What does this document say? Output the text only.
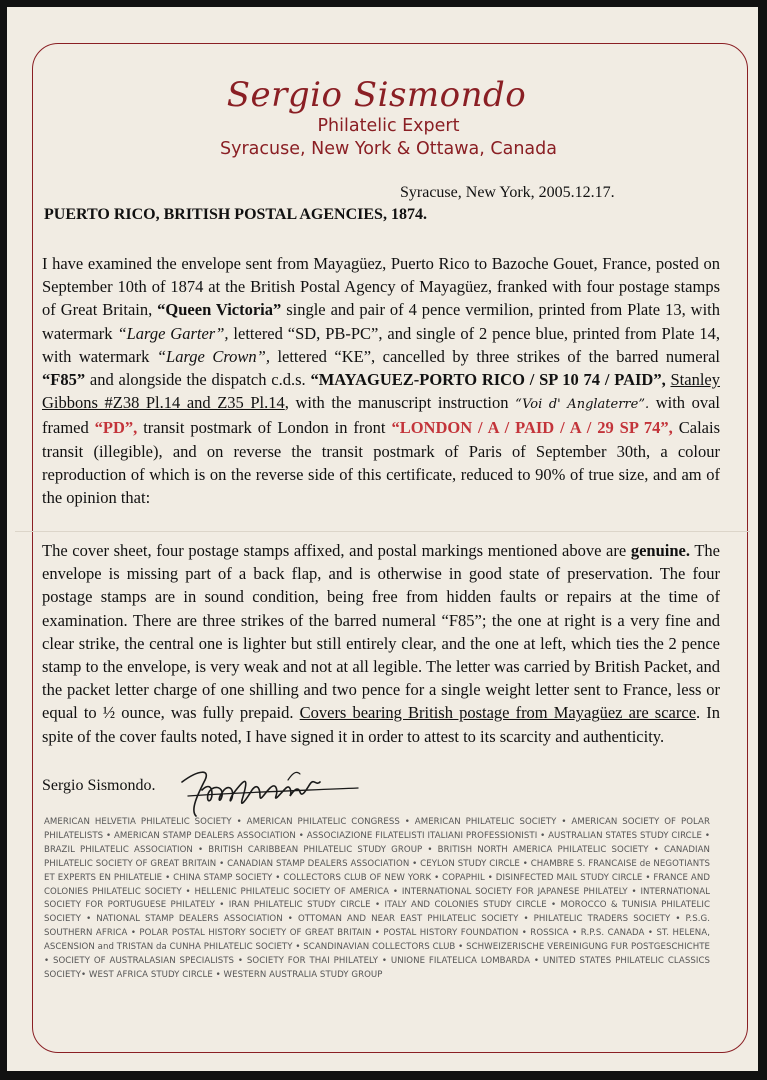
Sergio Sismondo
Philatelic Expert
Syracuse, New York & Ottawa, Canada
Syracuse, New York, 2005.12.17.
PUERTO RICO, BRITISH POSTAL AGENCIES, 1874.
I have examined the envelope sent from Mayagüez, Puerto Rico to Bazoche Gouet, France, posted on September 10th of 1874 at the British Postal Agency of Mayagüez, franked with four postage stamps of Great Britain, “Queen Victoria” single and pair of 4 pence vermilion, printed from Plate 13, with watermark “Large Garter”, lettered “SD, PB-PC”, and single of 2 pence blue, printed from Plate 14, with watermark “Large Crown”, lettered “KE”, cancelled by three strikes of the barred numeral “F85” and alongside the dispatch c.d.s. “MAYAGUEZ-PORTO RICO / SP 10 74 / PAID”, Stanley Gibbons #Z38 Pl.14 and Z35 Pl.14, with the manuscript instruction “Voi d' Anglaterre”. with oval framed “PD”, transit postmark of London in front “LONDON / A / PAID / A / 29 SP 74”, Calais transit (illegible), and on reverse the transit postmark of Paris of September 30th, a colour reproduction of which is on the reverse side of this certificate, reduced to 90% of true size, and am of the opinion that:
The cover sheet, four postage stamps affixed, and postal markings mentioned above are genuine. The envelope is missing part of a back flap, and is otherwise in good state of preservation. The four postage stamps are in sound condition, being free from hidden faults or repairs at the time of examination. There are three strikes of the barred numeral “F85”; the one at right is a very fine and clear strike, the central one is lighter but still entirely clear, and the one at left, which ties the 2 pence stamp to the envelope, is very weak and not at all legible. The letter was carried by British Packet, and the packet letter charge of one shilling and two pence for a single weight letter sent to France, less or equal to ½ ounce, was fully prepaid. Covers bearing British postage from Mayagüez are scarce. In spite of the cover faults noted, I have signed it in order to attest to its scarcity and authenticity.
Sergio Sismondo.
AMERICAN HELVETIA PHILATELIC SOCIETY • AMERICAN PHILATELIC CONGRESS • AMERICAN PHILATELIC SOCIETY • AMERICAN SOCIETY OF POLAR PHILATELISTS • AMERICAN STAMP DEALERS ASSOCIATION • ASSOCIAZIONE FILATELISTI ITALIANI PROFESSIONISTI • AUSTRALIAN STATES STUDY CIRCLE • BRAZIL PHILATELIC ASSOCIATION • BRITISH CARIBBEAN PHILATELIC STUDY GROUP • BRITISH NORTH AMERICA PHILATELIC SOCIETY • CANADIAN PHILATELIC SOCIETY OF GREAT BRITAIN • CANADIAN STAMP DEALERS ASSOCIATION • CEYLON STUDY CIRCLE • CHAMBRE S. FRANCAISE de NEGOTIANTS ET EXPERTS EN PHILATELIE • CHINA STAMP SOCIETY • COLLECTORS CLUB OF NEW YORK • COPAPHIL • DISINFECTED MAIL STUDY CIRCLE • FRANCE AND COLONIES PHILATELIC SOCIETY • HELLENIC PHILATELIC SOCIETY OF AMERICA • INTERNATIONAL SOCIETY FOR JAPANESE PHILATELY • INTERNATIONAL SOCIETY FOR PORTUGUESE PHILATELY • IRAN PHILATELIC STUDY CIRCLE • ITALY AND COLONIES STUDY CIRCLE • MOROCCO & TUNISIA PHILATELIC SOCIETY • NATIONAL STAMP DEALERS ASSOCIATION • OTTOMAN AND NEAR EAST PHILATELIC SOCIETY • PHILATELIC TRADERS SOCIETY • P.S.G. SOUTHERN AFRICA • POLAR POSTAL HISTORY SOCIETY OF GREAT BRITAIN • POSTAL HISTORY FOUNDATION • ROSSICA • R.P.S. CANADA • ST. HELENA, ASCENSION and TRISTAN da CUNHA PHILATELIC SOCIETY • SCANDINAVIAN COLLECTORS CLUB • SCHWEIZERISCHE VEREINIGUNG FUR POSTGESCHICHTE • SOCIETY OF AUSTRALASIAN SPECIALISTS • SOCIETY FOR THAI PHILATELY • UNIONE FILATELICA LOMBARDA • UNITED STATES PHILATELIC CLASSICS SOCIETY• WEST AFRICA STUDY CIRCLE • WESTERN AUSTRALIA STUDY GROUP
